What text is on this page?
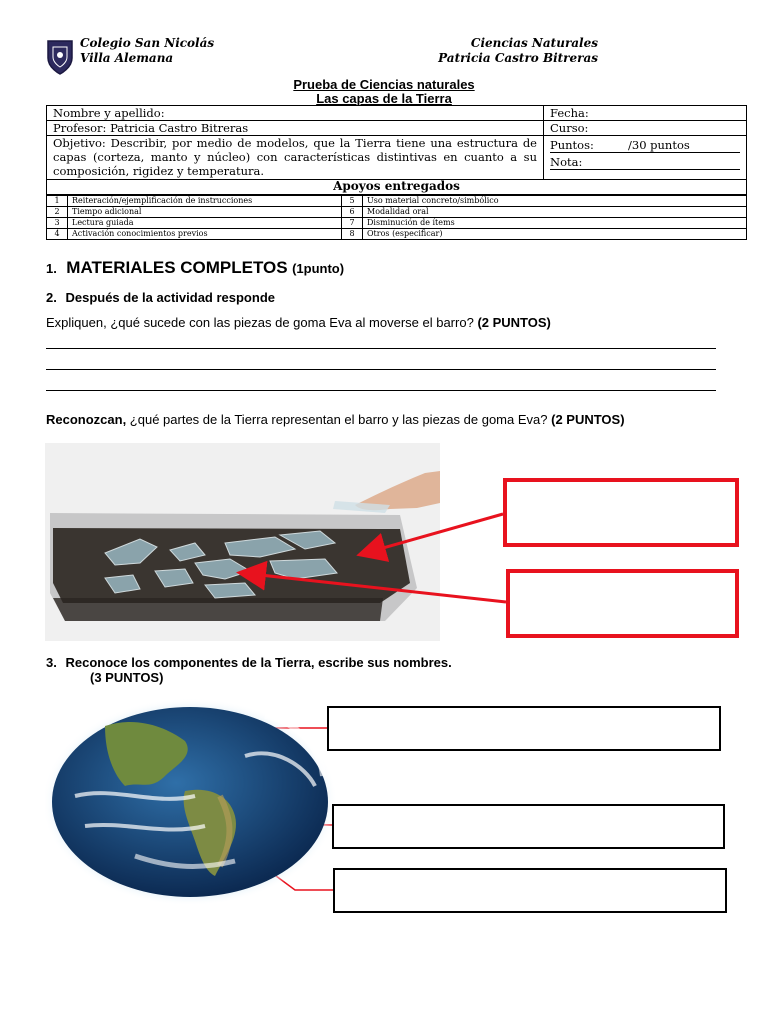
Colegio San Nicolás
Villa Alemana
Ciencias Naturales
Patricia Castro Bitreras
Prueba de Ciencias naturales
Las capas de la Tierra
Nombre y apellido:	Fecha:
Profesor: Patricia Castro Bitreras	Curso:
Objetivo: Describir, por medio de modelos, que la Tierra tiene una estructura de capas (corteza, manto y núcleo) con características distintivas en cuanto a su composición, rigidez y temperatura.	Puntos: /30 puntos
Nota:

Apoyos entregados	
1	Reiteración/ejemplificación de instrucciones	5	Uso material concreto/simbólico
2	Tiempo adicional	6	Modalidad oral
3	Lectura guiada	7	Disminución de ítems
4	Activación conocimientos previos	8	Otros (especificar)
1. MATERIALES COMPLETOS (1punto)
2. Después de la actividad responde
Expliquen, ¿qué sucede con las piezas de goma Eva al moverse el barro? (2 PUNTOS)
Reconozcan, ¿qué partes de la Tierra representan el barro y las piezas de goma Eva? (2 PUNTOS)
3. Reconoce los componentes de la Tierra, escribe sus nombres.
(3 PUNTOS)
